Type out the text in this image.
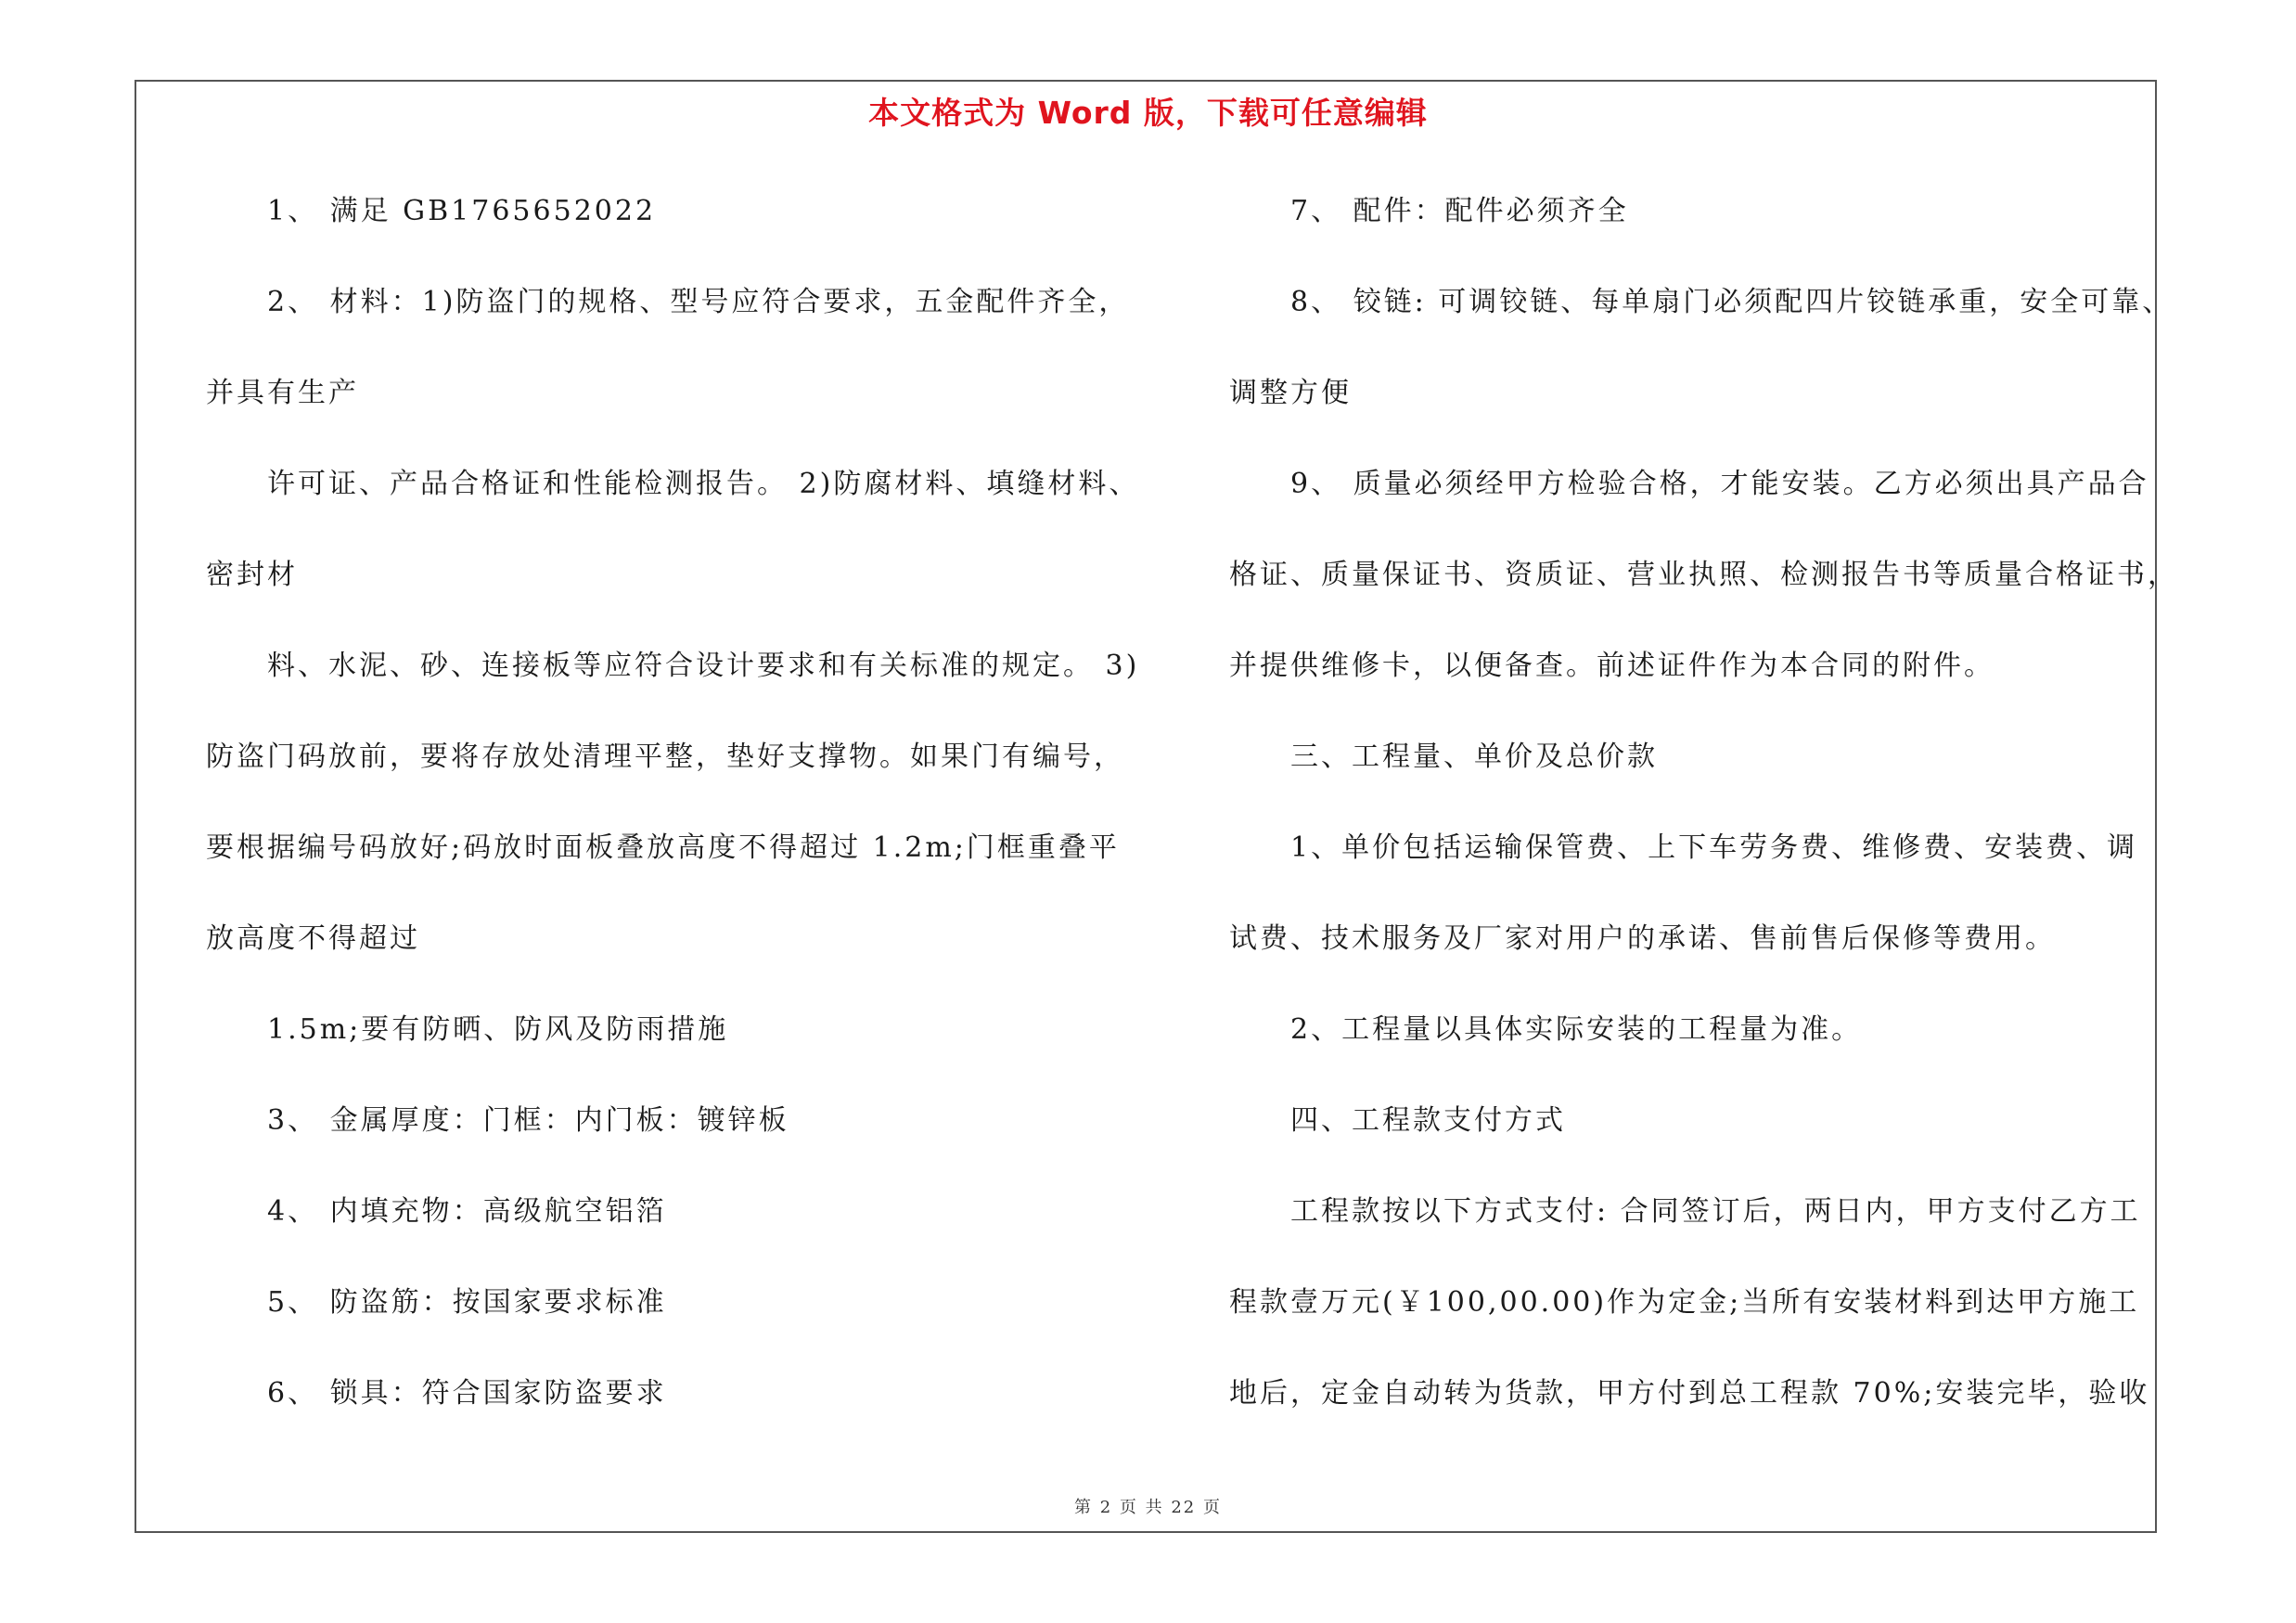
本文格式为 Word 版，下载可任意编辑
1、 满足 GB1765652022
2、 材料：1)防盗门的规格、型号应符合要求，五金配件齐全，
并具有生产
许可证、产品合格证和性能检测报告。 2)防腐材料、填缝材料、
密封材
料、水泥、砂、连接板等应符合设计要求和有关标准的规定。 3)
防盗门码放前，要将存放处清理平整，垫好支撑物。如果门有编号，
要根据编号码放好;码放时面板叠放高度不得超过 1.2m;门框重叠平
放高度不得超过
1.5m;要有防晒、防风及防雨措施
3、 金属厚度：门框：内门板：镀锌板
4、 内填充物：高级航空铝箔
5、 防盗筋：按国家要求标准
6、 锁具：符合国家防盗要求
7、 配件：配件必须齐全
8、 铰链: 可调铰链、每单扇门必须配四片铰链承重，安全可靠、
调整方便
9、 质量必须经甲方检验合格，才能安装。乙方必须出具产品合
格证、质量保证书、资质证、营业执照、检测报告书等质量合格证书，
并提供维修卡，以便备查。前述证件作为本合同的附件。
三、工程量、单价及总价款
1、单价包括运输保管费、上下车劳务费、维修费、安装费、调
试费、技术服务及厂家对用户的承诺、售前售后保修等费用。
2、工程量以具体实际安装的工程量为准。
四、工程款支付方式
工程款按以下方式支付: 合同签订后，两日内，甲方支付乙方工
程款壹万元(￥100,00.00)作为定金;当所有安装材料到达甲方施工
地后，定金自动转为货款，甲方付到总工程款 70%;安装完毕，验收
第 2 页 共 22 页
